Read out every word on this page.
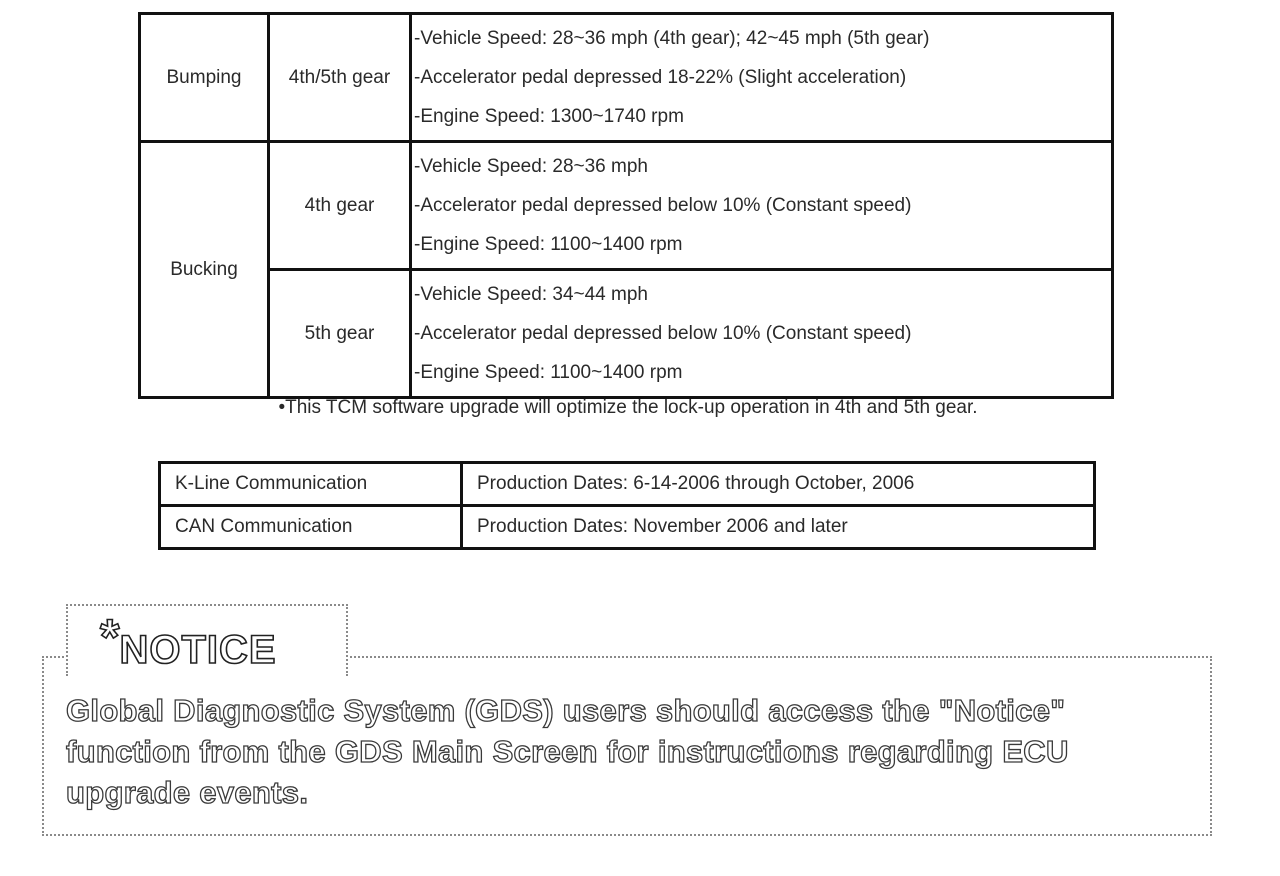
Bumping	4th/5th gear	-Vehicle Speed: 28~36 mph (4th gear); 42~45 mph (5th gear)
-Accelerator pedal depressed 18-22% (Slight acceleration)
-Engine Speed: 1300~1740 rpm

Bucking	4th gear	-Vehicle Speed: 28~36 mph
-Accelerator pedal depressed below 10% (Constant speed)
-Engine Speed: 1100~1400 rpm

	5th gear	-Vehicle Speed: 34~44 mph
-Accelerator pedal depressed below 10% (Constant speed)
-Engine Speed: 1100~1400 rpm
•This TCM software upgrade will optimize the lock-up operation in 4th and 5th gear.
K-Line Communication	Production Dates: 6-14-2006 through October, 2006
CAN Communication	Production Dates: November 2006 and later
*NOTICE
Global Diagnostic System (GDS) users should access the "Notice" function from the GDS Main Screen for instructions regarding ECU upgrade events.
